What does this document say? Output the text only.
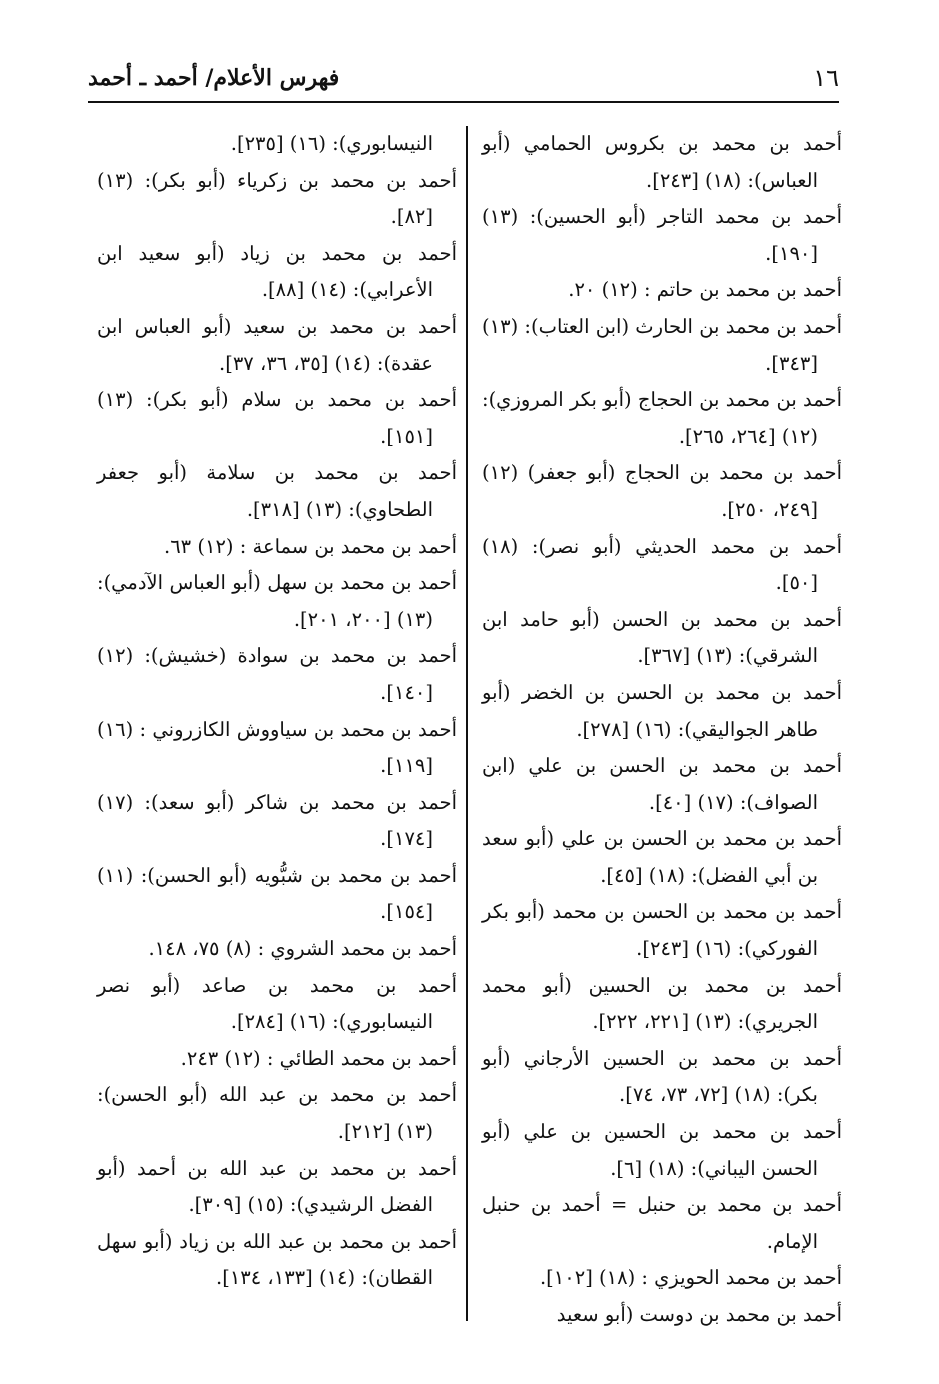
١٦
فهرس الأعلام/ أحمد ـ أحمد

أحمد بن محمد بن بكروس الحمامي (أبو العباس): (١٨) [٢٤٣].

أحمد بن محمد التاجر (أبو الحسين): (١٣) [١٩٠].

أحمد بن محمد بن حاتم : (١٢) ٢٠.

أحمد بن محمد بن الحارث (ابن العتاب): (١٣) [٣٤٣].

أحمد بن محمد بن الحجاج (أبو بكر المروزي): (١٢) [٢٦٤، ٢٦٥].

أحمد بن محمد بن الحجاج (أبو جعفر) (١٢) [٢٤٩، ٢٥٠].

أحمد بن محمد الحديثي (أبو نصر): (١٨) [٥٠].

أحمد بن محمد بن الحسن (أبو حامد ابن الشرقي): (١٣) [٣٦٧].

أحمد بن محمد بن الحسن بن الخضر (أبو طاهر الجواليقي): (١٦) [٢٧٨].

أحمد بن محمد بن الحسن بن علي (ابن الصواف): (١٧) [٤٠].

أحمد بن محمد بن الحسن بن علي (أبو سعد بن أبي الفضل): (١٨) [٤٥].

أحمد بن محمد بن الحسن بن محمد (أبو بكر الفوركي): (١٦) [٢٤٣].

أحمد بن محمد بن الحسين (أبو محمد الجريري): (١٣) [٢٢١، ٢٢٢].

أحمد بن محمد بن الحسين الأرجاني (أبو بكر): (١٨) [٧٢، ٧٣، ٧٤].

أحمد بن محمد بن الحسين بن علي (أبو الحسن اليباني): (١٨) [٦].

أحمد بن محمد بن حنبل = أحمد بن حنبل الإمام.

أحمد بن محمد الحويزي : (١٨) [١٠٢].

أحمد بن محمد بن دوست (أبو سعيد

النيسابوري): (١٦) [٢٣٥].

أحمد بن محمد بن زكرياء (أبو بكر): (١٣) [٨٢].

أحمد بن محمد بن زياد (أبو سعيد ابن الأعرابي): (١٤) [٨٨].

أحمد بن محمد بن سعيد (أبو العباس ابن عقدة): (١٤) [٣٥، ٣٦، ٣٧].

أحمد بن محمد بن سلام (أبو بكر): (١٣) [١٥١].

أحمد بن محمد بن سلامة (أبو جعفر الطحاوي): (١٣) [٣١٨].

أحمد بن محمد بن سماعة : (١٢) ٦٣.

أحمد بن محمد بن سهل (أبو العباس الآدمي): (١٣) [٢٠٠، ٢٠١].

أحمد بن محمد بن سوادة (خشيش): (١٢) [١٤٠].

أحمد بن محمد بن سياووش الكازروني : (١٦) [١١٩].

أحمد بن محمد بن شاكر (أبو سعد): (١٧) [١٧٤].

أحمد بن محمد بن شبُّويه (أبو الحسن): (١١) [١٥٤].

أحمد بن محمد الشروي : (٨) ٧٥، ١٤٨.

أحمد بن محمد بن صاعد (أبو نصر النيسابوري): (١٦) [٢٨٤].

أحمد بن محمد الطائي : (١٢) ٢٤٣.

أحمد بن محمد بن عبد الله (أبو الحسن): (١٣) [٢١٢].

أحمد بن محمد بن عبد الله بن أحمد (أبو الفضل الرشيدي): (١٥) [٣٠٩].

أحمد بن محمد بن عبد الله بن زياد (أبو سهل القطان): (١٤) [١٣٣، ١٣٤].
